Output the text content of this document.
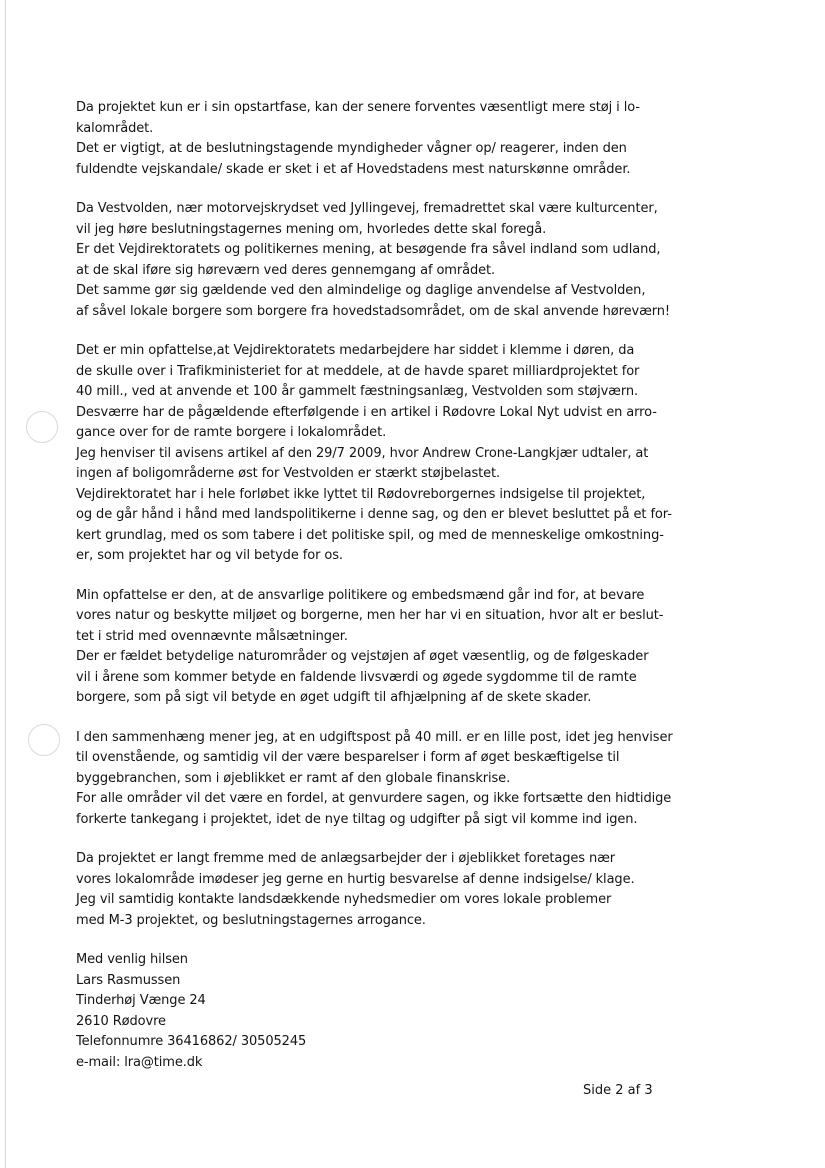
Da projektet kun er i sin opstartfase, kan der senere forventes væsentligt mere støj i lo-
kalområdet.
Det er vigtigt, at de beslutningstagende myndigheder vågner op/ reagerer, inden den
fuldendte vejskandale/ skade er sket i et af Hovedstadens mest naturskønne områder.
Da Vestvolden, nær motorvejskrydset ved Jyllingevej, fremadrettet skal være kulturcenter,
vil jeg høre beslutningstagernes mening om, hvorledes dette skal foregå.
Er det Vejdirektoratets og politikernes mening, at besøgende fra såvel indland som udland,
at de skal iføre sig høreværn ved deres gennemgang af området.
Det samme gør sig gældende ved den almindelige og daglige anvendelse af Vestvolden,
af såvel lokale borgere som borgere fra hovedstadsområdet, om de skal anvende høreværn!
Det er min opfattelse,at Vejdirektoratets medarbejdere har siddet i klemme i døren, da
de skulle over i Trafikministeriet for at meddele, at de havde sparet milliardprojektet for
40 mill., ved at anvende et 100 år gammelt fæstningsanlæg, Vestvolden som støjværn.
Desværre har de pågældende efterfølgende i en artikel i Rødovre Lokal Nyt udvist en arro-
gance over for de ramte borgere i lokalområdet.
Jeg henviser til avisens artikel af den 29/7 2009, hvor Andrew Crone-Langkjær udtaler, at
ingen af boligområderne øst for Vestvolden er stærkt støjbelastet.
Vejdirektoratet har i hele forløbet ikke lyttet til Rødovreborgernes indsigelse til projektet,
og de går hånd i hånd med landspolitikerne i denne sag, og den er blevet besluttet på et for-
kert grundlag, med os som tabere i det politiske spil, og med de menneskelige omkostning-
er, som projektet har og vil betyde for os.
Min opfattelse er den, at de ansvarlige politikere og embedsmænd går ind for, at bevare
vores natur og beskytte miljøet og borgerne, men her har vi en situation, hvor alt er beslut-
tet i strid med ovennævnte målsætninger.
Der er fældet betydelige naturområder og vejstøjen af øget væsentlig, og de følgeskader
vil i årene som kommer betyde en faldende livsværdi og øgede sygdomme til de ramte
borgere, som på sigt vil betyde en øget udgift til afhjælpning af de skete skader.
I den sammenhæng mener jeg, at en udgiftspost på 40 mill. er en lille post, idet jeg henviser
til ovenstående, og samtidig vil der være besparelser i form af øget beskæftigelse til
byggebranchen, som i øjeblikket er ramt af den globale finanskrise.
For alle områder vil det være en fordel, at genvurdere sagen, og ikke fortsætte den hidtidige
forkerte tankegang i projektet, idet de nye tiltag og udgifter på sigt vil komme ind igen.
Da projektet er langt fremme med de anlægsarbejder der i øjeblikket foretages nær
vores lokalområde imødeser jeg gerne en hurtig besvarelse af denne indsigelse/ klage.
Jeg vil samtidig kontakte landsdækkende nyhedsmedier om vores lokale problemer
med M-3 projektet, og beslutningstagernes arrogance.
Med venlig hilsen
Lars Rasmussen
Tinderhøj Vænge 24
2610 Rødovre
Telefonnumre 36416862/ 30505245
e-mail: lra@time.dk
Side 2 af 3
